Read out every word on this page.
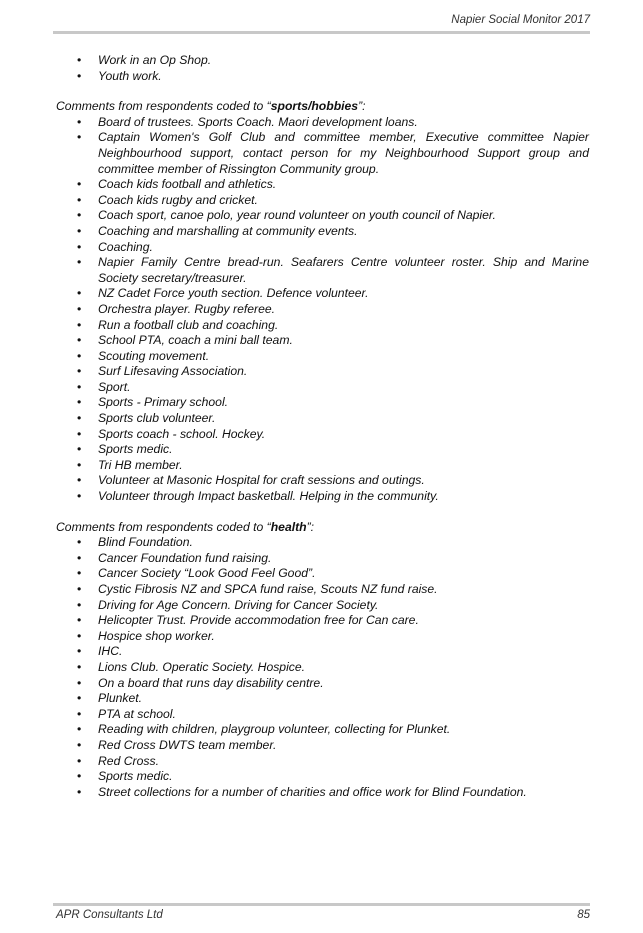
Napier Social Monitor 2017
• Work in an Op Shop.
• Youth work.
Comments from respondents coded to “sports/hobbies”:
• Board of trustees. Sports Coach. Maori development loans.
• Captain Women's Golf Club and committee member, Executive committee Napier Neighbourhood support, contact person for my Neighbourhood Support group and committee member of Rissington Community group.
• Coach kids football and athletics.
• Coach kids rugby and cricket.
• Coach sport, canoe polo, year round volunteer on youth council of Napier.
• Coaching and marshalling at community events.
• Coaching.
• Napier Family Centre bread-run. Seafarers Centre volunteer roster. Ship and Marine Society secretary/treasurer.
• NZ Cadet Force youth section. Defence volunteer.
• Orchestra player. Rugby referee.
• Run a football club and coaching.
• School PTA, coach a mini ball team.
• Scouting movement.
• Surf Lifesaving Association.
• Sport.
• Sports - Primary school.
• Sports club volunteer.
• Sports coach - school. Hockey.
• Sports medic.
• Tri HB member.
• Volunteer at Masonic Hospital for craft sessions and outings.
• Volunteer through Impact basketball. Helping in the community.
Comments from respondents coded to “health”:
• Blind Foundation.
• Cancer Foundation fund raising.
• Cancer Society “Look Good Feel Good”.
• Cystic Fibrosis NZ and SPCA fund raise, Scouts NZ fund raise.
• Driving for Age Concern. Driving for Cancer Society.
• Helicopter Trust. Provide accommodation free for Can care.
• Hospice shop worker.
• IHC.
• Lions Club. Operatic Society. Hospice.
• On a board that runs day disability centre.
• Plunket.
• PTA at school.
• Reading with children, playgroup volunteer, collecting for Plunket.
• Red Cross DWTS team member.
• Red Cross.
• Sports medic.
• Street collections for a number of charities and office work for Blind Foundation.
APR Consultants Ltd	85
